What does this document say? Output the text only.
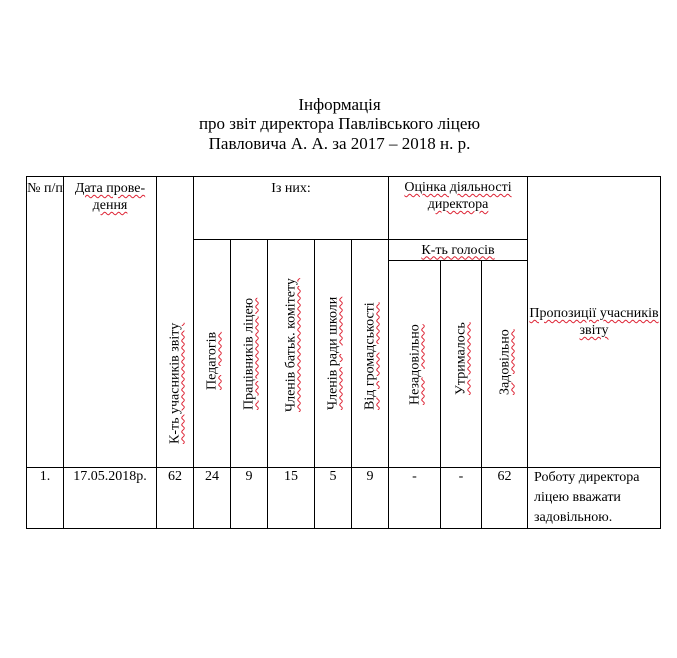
Інформація
про звіт директора Павлівського ліцею
Павловича А. А. за 2017 – 2018 н. р.
№ п/п	Дата прове-дення	К-ть учасників звіту	Із них:					Оцінка діяльності директора			Пропозиції учасників звіту

			Педагогів	Працівників ліцею	Членів батьк. комітету	Членів ради школи	Від громадськості	К-ть голосів			

								Незадовільно	Утрималось	Задовільно	

1.	17.05.2018р.	62	24	9	15	5	9	-	-	62	Роботу директора ліцею вважати задовільною.
